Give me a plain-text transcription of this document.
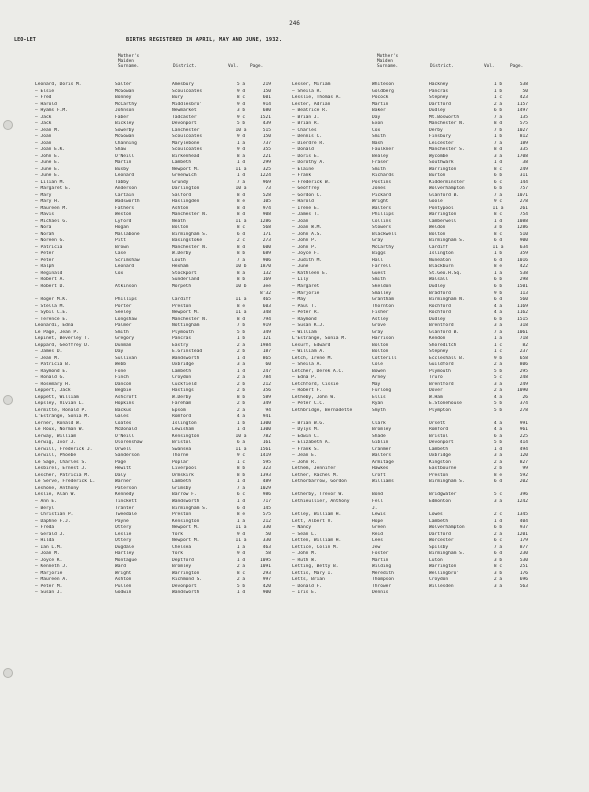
246
LEO-LET	BIRTHS REGISTERED IN APRIL, MAY AND JUNE, 1932.
Mother's
Maiden
Surname.	District.	Vol.	Page.
Mother's
Maiden
Surname.	District.	Vol.	Page.
Leonard, Doris M.	Salter	Amesbury	5 a	219
— Elsie	McGowan	Scoulcoates	9 d	150
— Fred	Bonney	Bury	8 c	601
— Harold	McCarthy	Middlesbro'	9 d	914
— Hyams F.M.	Johnson	Newmarket	3 b	680
— Jack	Faber	Tadcaster	9 c	1521
— Jack	Bickley	Devonport	5 b	439
— Jean M.	Sowerby	Lanchester	10 a	515
— Joan	McGowan	Scoulcoates	9 d	150
— Joan	Channing	Marylebone	1 a	737
— Joan E.K.	Shaw	Scoulcoates	9 d	355
— John E.	O'Neill	Birkenhead	8 a	221
— June E.	Martin	Lambeth	1 d	299
— June E.	Busby	Newport M.	11 a	325
— June E.	Leonard	Greenwich	1 d	1224
— Lilian M.	Tabby	Grundy	7 a	969
— Margaret E.	Anderson	Darlington	10 a	73
— Mary	Cartain	Salford	8 d	528
— Mary H.	Wadsworth	Haslingden	8 e	105
— Maureen M.	Fathers	Ashton	8 d	974
— Mavis	Weston	Manchester N.	8 d	908
— Michael G.	Lyford	Neath	11 a	1286
— Nora	Hogan	Bolton	8 c	568
— Norah	Mallabone	Birmingham S.	6 d	171
— Noreen G.	Pitt	Basingstoke	2 c	273
— Patricia	Brown	Manchester N.	8 d	600
— Peter	Case	W.Derby	8 b	689
— Peter	Scrimshaw	Louth	7 a	906
— Ralph	Leonard	Hexham	10 b	1870
— Reginald	Cox	Stockport	8 a	132
— Robert A.	Sunderland	8 b	169
— Robert D.	Atkinson	Morpeth	10 b	3ee
8'32
— Roger M.K.	Phillips	Cardiff	11 a	465
— Stella M.	Porter	Preston	8 e	603
— Sybil C.E.	Seeley	Newport M.	11 a	348
— Terence E.	Longshaw	Manchester N.	8 d	794
Leonardi, Edna	Palmer	Nottingham	7 b	919
Le Page, Jean P.	Smith	Plymouth	5 b	349
Lepinet, Beverley T.	Gregory	Pancras	1 b	121
Leppard, Geoffrey D.	Dunman	Eastry	2 a	1984
— James D.	Day	E.Grinstead	2 b	187
— Jean M.	Sullivan	Wandsworth	1 d	865
— Patricia B.	Webb	Uxbridge	3 a	60
— Raymond E.	Fone	Lambeth	1 d	247
— Ronald G.	Finch	Croydon	2 a	784
— Rosemary H.	Dancon	Cuckfield	2 b	212
Leppert, Jack	Begbie	Hastings	2 b	356
Leppett, William	Ashcroft	W.Derby	8 b	589
Lepsley, Vivian L.	Hopkins	Fareham	2 b	349
Lermitte, Ronald P.	Backus	Epsom	2 a	94
L'Estrange, Sonia M.	Gales	Romford	4 a	941
Lerner, Ronald W.	Coates	Islington	1 b	1300
Le Roux, Norman W.	McDonald	Lewisham	1 d	1300
Lerway, William	O'Neill	Kensington	10 a	782
Lerwig, Ivor J.	Olorenshaw	Bristol	6 a	161
Lerwill, Frederick J.	Orwell	Swansea	11 a	1561
Lerwill, Phoebe	Sanderson	Thorne	9 c	1419
Le Sage, Charles S.	Page	Poplar	1 c	595
Lesbirel, Ernest J.	Hewitt	Liverpool	8 b	323
Lescher, Patricia M.	Daly	Ormskirk	8 b	1393
Le Serve, Frederick L.	Warner	Lambeth	1 d	489
Leshone, Anthony	Paterson	Grimsby	7 a	1029
Leslie, Alan W.	Kennedy	Barrow F.	6 c	986
— Ann E.	Tinckett	Wandsworth	1 d	717
— Beryl	Tranter	Birmingham S.	6 d	145
— Christian P.	Tweedale	Preston	8 e	575
— Daphne F.J.	Payne	Kensington	1 a	212
— Freda	Ottery	Newport M.	11 a	330
— Gerald J.	Leslie	York	9 d	50
— Hilda	Ottery	Newport M.	11 a	330
— Ian L.M.	Dugdale	Chelsea	1 a	463
— Joan M.	Hartley	York	9 d	58
— Joyce K.	Montague	Deptford	1 d	1095
— Kenneth J.	Ward	Bromley	2 a	1091
— Marjorie	Wright	Warrington	8 c	293
— Maureen A.	Ashton	Richmond S.	2 a	997
— Peter M.	Pullen	Devonport	5 b	420
— Susan J.	Godwin	Wandsworth	1 d	900
Lesser, Miriam	Whiteson	Hackney	1 b	538
— Sheila R.	Goldberg	Pancras	1 b	50
Lesslie, Thomas A.	Pocock	Stepney	1 c	423
Lester, Adrian	Martin	Dartford	2 a	1157
— Beatrice R.	Baker	Dudley	6 b	1497
— Brian J.	Day	Mt.Bosworth	7 a	135
— Brian R.	Exon	Manchester N.	8 d	575
— Charles	Cox	Derby	7 b	1027
— Dennis C.	Smith	Finsbury	1 b	812
— Dierdre R.	Nash	Leicester	7 a	189
— Donald	Faulkner	Manchester S.	8 d	335
— Doris E.	Bealey	Wycombe	3 a	1708
— Dorothy A.	Fraser	Southwark	1 d	38
— Elaine	Smith	Warrington	8 c	249
— Frank	Richards	Burton	6 b	311
— Frederick W.	Postins	Kidderminster	6 c	144
— Geoffrey	Jones	Wolverhampton	6 b	757
— Gordon C.	Pickard	Glanford B.	7 a	1071
— Harold	Wright	Goole	9 c	278
— Irene E.	Walters	Pontypool	11 a	261
— James T.	Phillips	Warrington	8 c	754
— Joan	Collins	Camberwell	1 d	1088
— Joan W.M.	Stowers	Weldon	3 b	1286
— John A.S.	Blackwell	Bolton	8 c	510
— John P.	Gray	Birmingham S.	6 d	900
— John P.	McCarthy	Cardiff	11 a	634
— Joyce F.	Biggs	Islington	1 b	359
— Judith M.	Hall	Nuneaton	6 d	1016
— June	Farrell	Blackburn	8 e	422
— Kathleen E.	Guest	St.Geo.H.Sq.	1 a	538
— Lily	Smith	Walsall	6 b	298
— Margaret	Skeldon	Dudley	6 b	1501
— Marjorie	Smalley	Bradford	9 b	113
— May	Grantham	Birmingham N.	6 d	560
— Paul T.	Thornton	Rochford	4 a	1169
— Peter R.	Fisher	Rochford	4 a	1162
— Raymond	Astley	Dudley	6 b	1515
— Susan K.J.	Grove	Brentford	3 a	318
— William	Gray	Glanford B.	7 a	1061
L'Estrange, Sonia M.	Harrison	Kendon	1 a	718
Lesurf, Edward	Bolton	Shoreditch	1 c	82
— William A.	Bolton	Stepney	1 c	237
Letch, Irene M.	Cotterill	Eccleshall B.	9 b	658
— Sheila A.	Cole	Guildford	2 a	806
Letcher, Derek A.C.	Bowen	Plymouth	5 b	295
— Edna P.	Arney	Truro	5 c	248
Letchford, Cissie	May	Brentford	3 a	249
— Robert F.	Furlong	Dover	2 a	1090
Letheby, John W.	Ellis	W.Ham	4 a	26
— Peter C.C.	Ryan	E.Stonehouse	5 b	374
Lethbridge, Bernadette	Smyth	Plympton	5 b	278
— Brian W.G.	Clark	Orsett	4 a	991
— Dylys M.	Bromley	Romford	4 a	961
— Edwin C.	Shade	Bristol	6 a	225
— Elizabeth A.	Giblin	Devonport	5 b	414
— Frank S.	Cranmer	Lambeth	1 d	494
— Jean E.	Walters	Uxbridge	3 a	120
— John R.	Armitage	Kingston	2 a	827
Lethem, Jennifer	Hawkes	Eastbourne	2 b	99
Lether, Rachel M.	Croft	Preston	8 e	592
Lethorbarrow, Gordon	Williams	Birmingham S.	6 d	202
Letherby, Trevor W.	Bond	Bridgwater	5 c	396
Lethieullier, Anthony	Fell	Edmonton	3 a	1242
J.
Letley, William H.	Lewis	Lowes	2 c	1345
Lett, Albert V.	Hope	Lambeth	1 d	404
— Nancy	Green	Wolverhampton	6 b	937
— Sean L.	Reid	Dartford	2 a	1201
Letten, William H.	Lees	Worcester	6 c	179
Lettice, Colin M.	Jew	Spilsby	7 a	877
— John M.	Foster	Birmingham S.	6 d	230
— Ruth W.	Martin	Luton	3 b	530
Letting, Betty B.	Wilding	Warrington	8 c	251
Lettis, Mary I.	Meredith	Wellingbro'	3 b	176
Letts, Brian	Thompson	Croydon	2 a	696
— Donald F.	Thrower	Willesden	3 a	563
— Iris E.	Dennis
